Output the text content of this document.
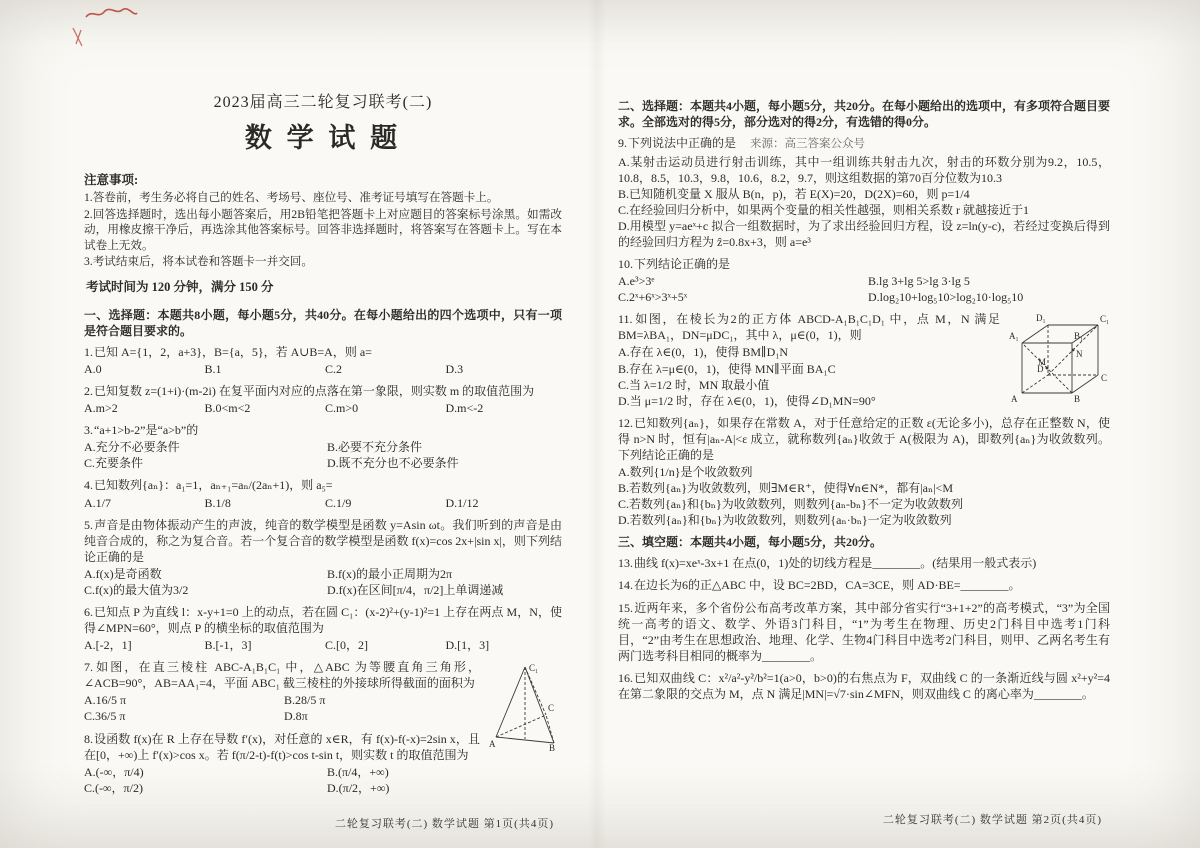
2023届高三二轮复习联考(二)
数 学 试 题
注意事项:
1.答卷前，考生务必将自己的姓名、考场号、座位号、准考证号填写在答题卡上。
2.回答选择题时，选出每小题答案后，用2B铅笔把答题卡上对应题目的答案标号涂黑。如需改动，用橡皮擦干净后，再选涂其他答案标号。回答非选择题时，将答案写在答题卡上。写在本试卷上无效。
3.考试结束后，将本试卷和答题卡一并交回。
考试时间为 120 分钟，满分 150 分
一、选择题：本题共8小题，每小题5分，共40分。在每小题给出的四个选项中，只有一项是符合题目要求的。
1.已知 A={1，2，a+3}，B={a，5}，若 A∪B=A，则 a=
A.0	B.1	C.2	D.3
2.已知复数 z=(1+i)·(m-2i) 在复平面内对应的点落在第一象限，则实数 m 的取值范围为
A.m>2	B.0<m<2	C.m>0	D.m<-2
3.“a+1>b-2”是“a>b”的
A.充分不必要条件	B.必要不充分条件
C.充要条件	D.既不充分也不必要条件
4.已知数列{aₙ}：a₁=1，aₙ₊₁=aₙ/(2aₙ+1)，则 a₅=
A.1/7	B.1/8	C.1/9	D.1/12
5.声音是由物体振动产生的声波，纯音的数学模型是函数 y=Asin ωt。我们听到的声音是由纯音合成的，称之为复合音。若一个复合音的数学模型是函数 f(x)=cos 2x+|sin x|，则下列结论正确的是
A.f(x)是奇函数	B.f(x)的最小正周期为2π
C.f(x)的最大值为3/2	D.f(x)在区间[π/4，π/2]上单调递减
6.已知点 P 为直线 l：x-y+1=0 上的动点，若在圆 C₁：(x-2)²+(y-1)²=1 上存在两点 M，N，使得∠MPN=60°，则点 P 的横坐标的取值范围为
A.[-2，1]	B.[-1，3]	C.[0，2]	D.[1，3]
C₁
A	B
C
7.如图，在直三棱柱 ABC-A₁B₁C₁ 中，△ABC 为等腰直角三角形，∠ACB=90°，AB=AA₁=4，平面 ABC₁ 截三棱柱的外接球所得截面的面积为
A.16/5 π	B.28/5 π
C.36/5 π	D.8π
8.设函数 f(x)在 R 上存在导数 f′(x)，对任意的 x∈R，有 f(x)-f(-x)=2sin x，且在[0，+∞)上 f′(x)>cos x。若 f(π/2-t)-f(t)>cos t-sin t，则实数 t 的取值范围为
A.(-∞，π/4)	B.(π/4，+∞)
C.(-∞，π/2)	D.(π/2，+∞)
二轮复习联考(二) 数学试题 第1页(共4页)
二、选择题：本题共4小题，每小题5分，共20分。在每小题给出的选项中，有多项符合题目要求。全部选对的得5分，部分选对的得2分，有选错的得0分。
9.下列说法中正确的是 来源：高三答案公众号
A.某射击运动员进行射击训练，其中一组训练共射击九次，射击的环数分别为9.2，10.5，10.8，8.5，10.3，9.8，10.6，8.2，9.7，则这组数据的第70百分位数为10.3
B.已知随机变量 X 服从 B(n，p)，若 E(X)=20，D(2X)=60，则 p=1/4
C.在经验回归分析中，如果两个变量的相关性越强，则相关系数 r 就越接近于1
D.用模型 y=aeˣ+c 拟合一组数据时，为了求出经验回归方程，设 z=ln(y-c)，若经过变换后得到的经验回归方程为 ẑ=0.8x+3，则 a=e³
10.下列结论正确的是
A.e³>3ᵉ	B.lg 3+lg 5>lg 3·lg 5
C.2ˣ+6ˣ>3ˣ+5ˣ	D.log₂10+log₅10>log₂10·log₅10
A	B
C
D
A₁	B₁
C₁
D₁
M
N
11.如图，在棱长为2的正方体 ABCD-A₁B₁C₁D₁ 中，点 M，N 满足 BM=λBA₁，DN=μDC₁，其中 λ，μ∈(0，1)，则
A.存在 λ∈(0，1)，使得 BM∥D₁N
B.存在 λ=μ∈(0，1)，使得 MN∥平面 BA₁C
C.当 λ=1/2 时，MN 取最小值
D.当 μ=1/2 时，存在 λ∈(0，1)，使得∠D₁MN=90°
12.已知数列{aₙ}，如果存在常数 A，对于任意给定的正数 ε(无论多小)，总存在正整数 N，使得 n>N 时，恒有|aₙ-A|<ε 成立，就称数列{aₙ}收敛于 A(极限为 A)，即数列{aₙ}为收敛数列。下列结论正确的是
A.数列{1/n}是个收敛数列
B.若数列{aₙ}为收敛数列，则∃M∈R⁺，使得∀n∈N*，都有|aₙ|<M
C.若数列{aₙ}和{bₙ}为收敛数列，则数列{aₙ-bₙ}不一定为收敛数列
D.若数列{aₙ}和{bₙ}为收敛数列，则数列{aₙ·bₙ}一定为收敛数列
三、填空题：本题共4小题，每小题5分，共20分。
13.曲线 f(x)=xeˣ-3x+1 在点(0，1)处的切线方程是________。(结果用一般式表示)
14.在边长为6的正△ABC 中，设 BC=2BD，CA=3CE，则 AD·BE=________。
15.近两年来，多个省份公布高考改革方案，其中部分省实行“3+1+2”的高考模式，“3”为全国统一高考的语文、数学、外语3门科目，“1”为考生在物理、历史2门科目中选考1门科目，“2”由考生在思想政治、地理、化学、生物4门科目中选考2门科目，则甲、乙两名考生有两门选考科目相同的概率为________。
16.已知双曲线 C：x²/a²-y²/b²=1(a>0，b>0)的右焦点为 F，双曲线 C 的一条渐近线与圆 x²+y²=4 在第二象限的交点为 M，点 N 满足|MN|=√7·sin∠MFN，则双曲线 C 的离心率为________。
二轮复习联考(二) 数学试题 第2页(共4页)
